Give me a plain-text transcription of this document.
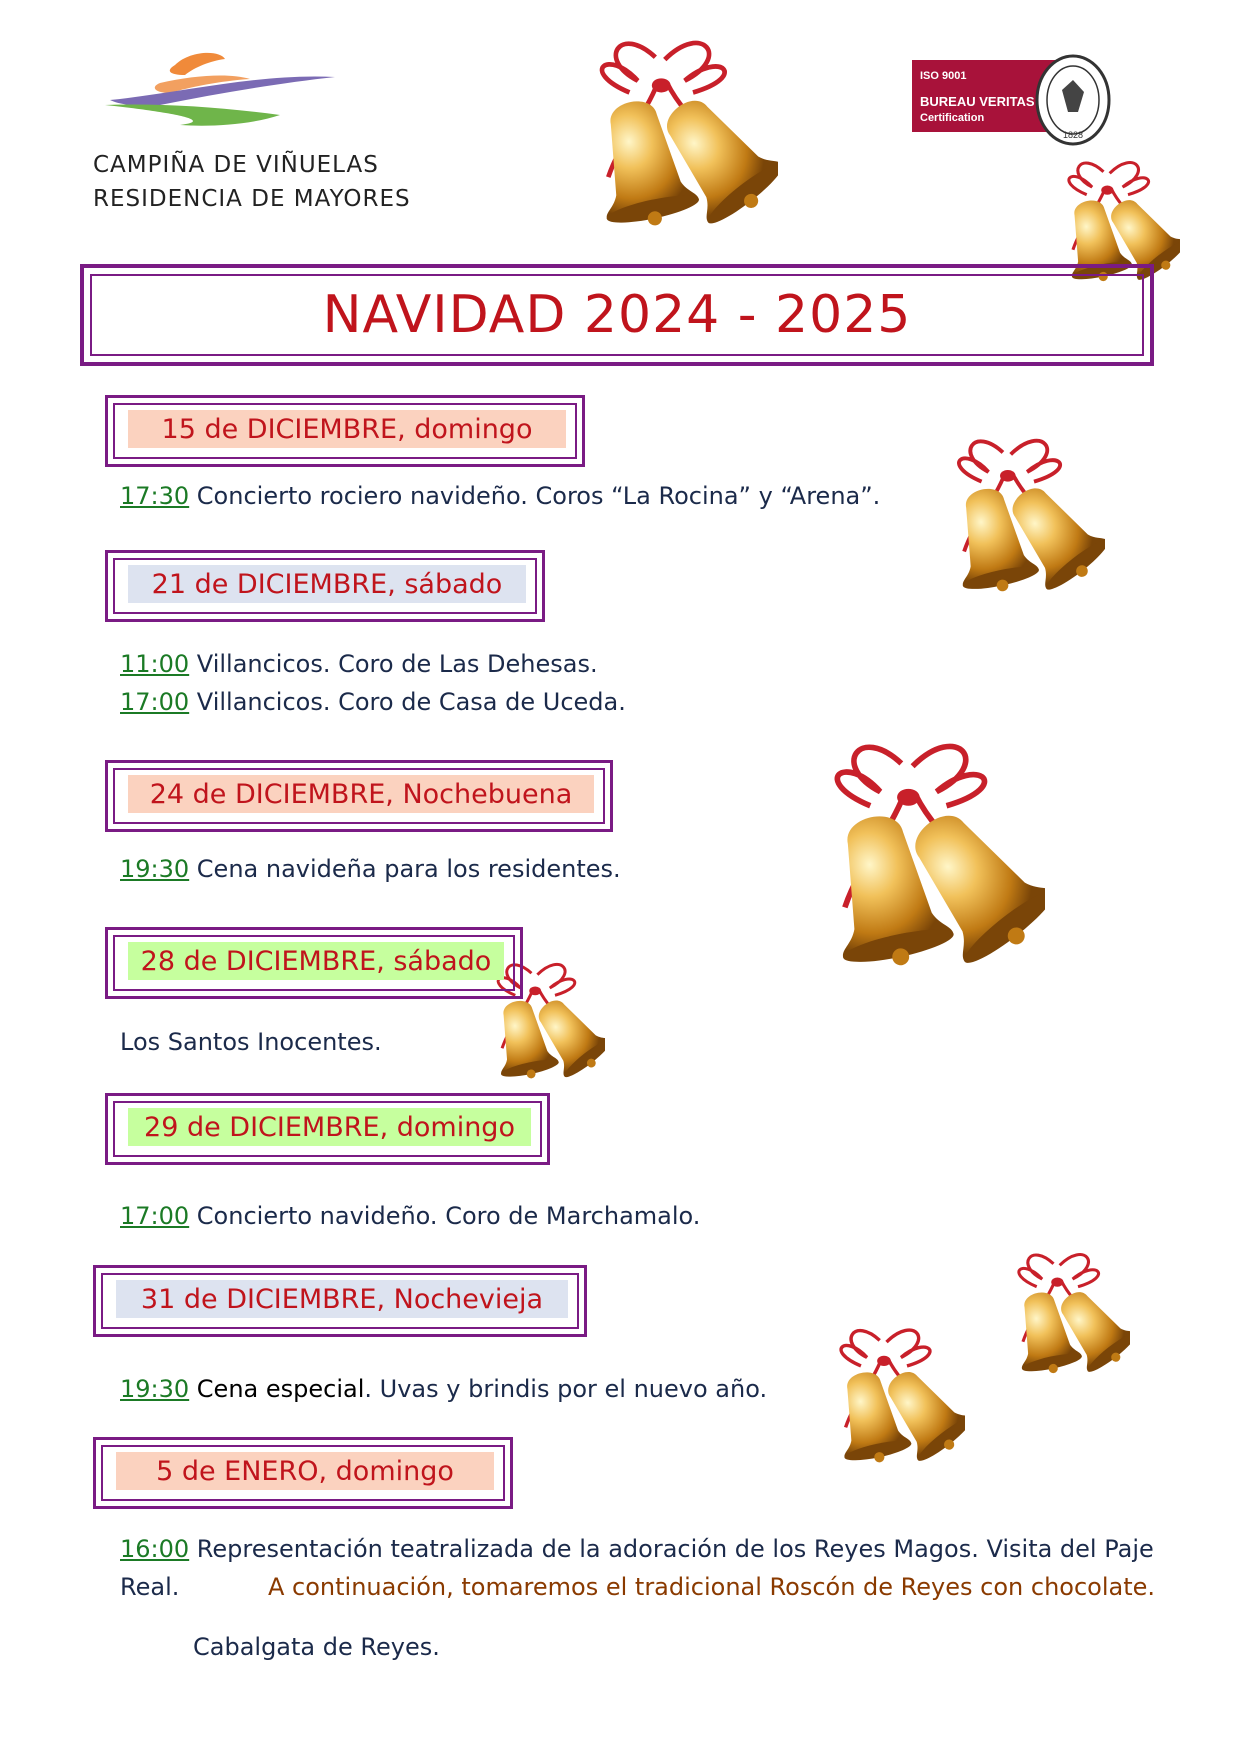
CAMPIÑA DE VIÑUELAS
RESIDENCIA DE MAYORES
ISO 9001
BUREAU VERITAS
Certification
1828
NAVIDAD 2024 - 2025
15 de DICIEMBRE, domingo
17:30 Concierto rociero navideño. Coros “La Rocina” y “Arena”.
21 de DICIEMBRE, sábado
11:00 Villancicos. Coro de Las Dehesas.
17:00 Villancicos. Coro de Casa de Uceda.
24 de DICIEMBRE, Nochebuena
19:30 Cena navideña para los residentes.
28 de DICIEMBRE, sábado
Los Santos Inocentes.
29 de DICIEMBRE, domingo
17:00 Concierto navideño. Coro de Marchamalo.
31 de DICIEMBRE, Nochevieja
19:30 Cena especial. Uvas y brindis por el nuevo año.
5 de ENERO, domingo
16:00 Representación teatralizada de la adoración de los Reyes Magos. Visita del Paje
Real.	A continuación, tomaremos el tradicional Roscón de Reyes con chocolate.
Cabalgata de Reyes.
